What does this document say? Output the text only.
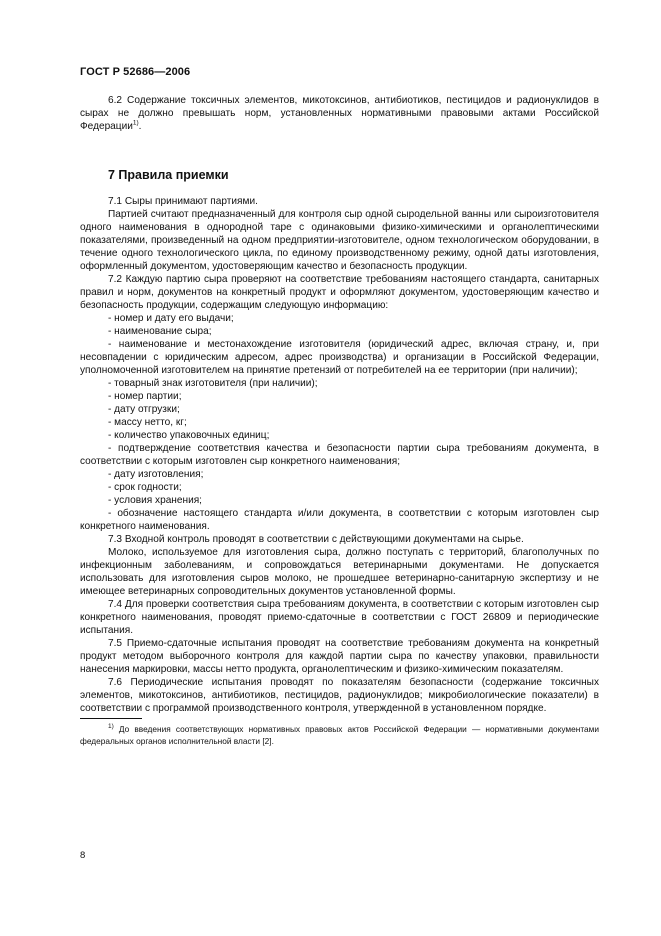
ГОСТ Р 52686—2006

6.2 Содержание токсичных элементов, микотоксинов, антибиотиков, пестицидов и радионуклидов в сырах не должно превышать норм, установленных нормативными правовыми актами Российской Федерации$^{1)}$.

7 Правила приемки

7.1 Сыры принимают партиями.

Партией считают предназначенный для контроля сыр одной сыродельной ванны или сыроизготовителя одного наименования в однородной таре с одинаковыми физико-химическими и органолептическими показателями, произведенный на одном предприятии-изготовителе, одном технологическом оборудовании, в течение одного технологического цикла, по единому производственному режиму, одной даты изготовления, оформленный документом, удостоверяющим качество и безопасность продукции.

7.2 Каждую партию сыра проверяют на соответствие требованиям настоящего стандарта, санитарных правил и норм, документов на конкретный продукт и оформляют документом, удостоверяющим качество и безопасность продукции, содержащим следующую информацию:

- номер и дату его выдачи;

- наименование сыра;

- наименование и местонахождение изготовителя (юридический адрес, включая страну, и, при несовпадении с юридическим адресом, адрес производства) и организации в Российской Федерации, уполномоченной изготовителем на принятие претензий от потребителей на ее территории (при наличии);

- товарный знак изготовителя (при наличии);

- номер партии;

- дату отгрузки;

- массу нетто, кг;

- количество упаковочных единиц;

- подтверждение соответствия качества и безопасности партии сыра требованиям документа, в соответствии с которым изготовлен сыр конкретного наименования;

- дату изготовления;

- срок годности;

- условия хранения;

- обозначение настоящего стандарта и/или документа, в соответствии с которым изготовлен сыр конкретного наименования.

7.3 Входной контроль проводят в соответствии с действующими документами на сырье.

Молоко, используемое для изготовления сыра, должно поступать с территорий, благополучных по инфекционным заболеваниям, и сопровождаться ветеринарными документами. Не допускается использовать для изготовления сыров молоко, не прошедшее ветеринарно-санитарную экспертизу и не имеющее ветеринарных сопроводительных документов установленной формы.

7.4 Для проверки соответствия сыра требованиям документа, в соответствии с которым изготовлен сыр конкретного наименования, проводят приемо-сдаточные в соответствии с ГОСТ 26809 и периодические испытания.

7.5 Приемо-сдаточные испытания проводят на соответствие требованиям документа на конкретный продукт методом выборочного контроля для каждой партии сыра по качеству упаковки, правильности нанесения маркировки, массы нетто продукта, органолептическим и физико-химическим показателям.

7.6 Периодические испытания проводят по показателям безопасности (содержание токсичных элементов, микотоксинов, антибиотиков, пестицидов, радионуклидов; микробиологические показатели) в соответствии с программой производственного контроля, утвержденной в установленном порядке.

$^{1)}$ До введения соответствующих нормативных правовых актов Российской Федерации — нормативными документами федеральных органов исполнительной власти [2].

8
